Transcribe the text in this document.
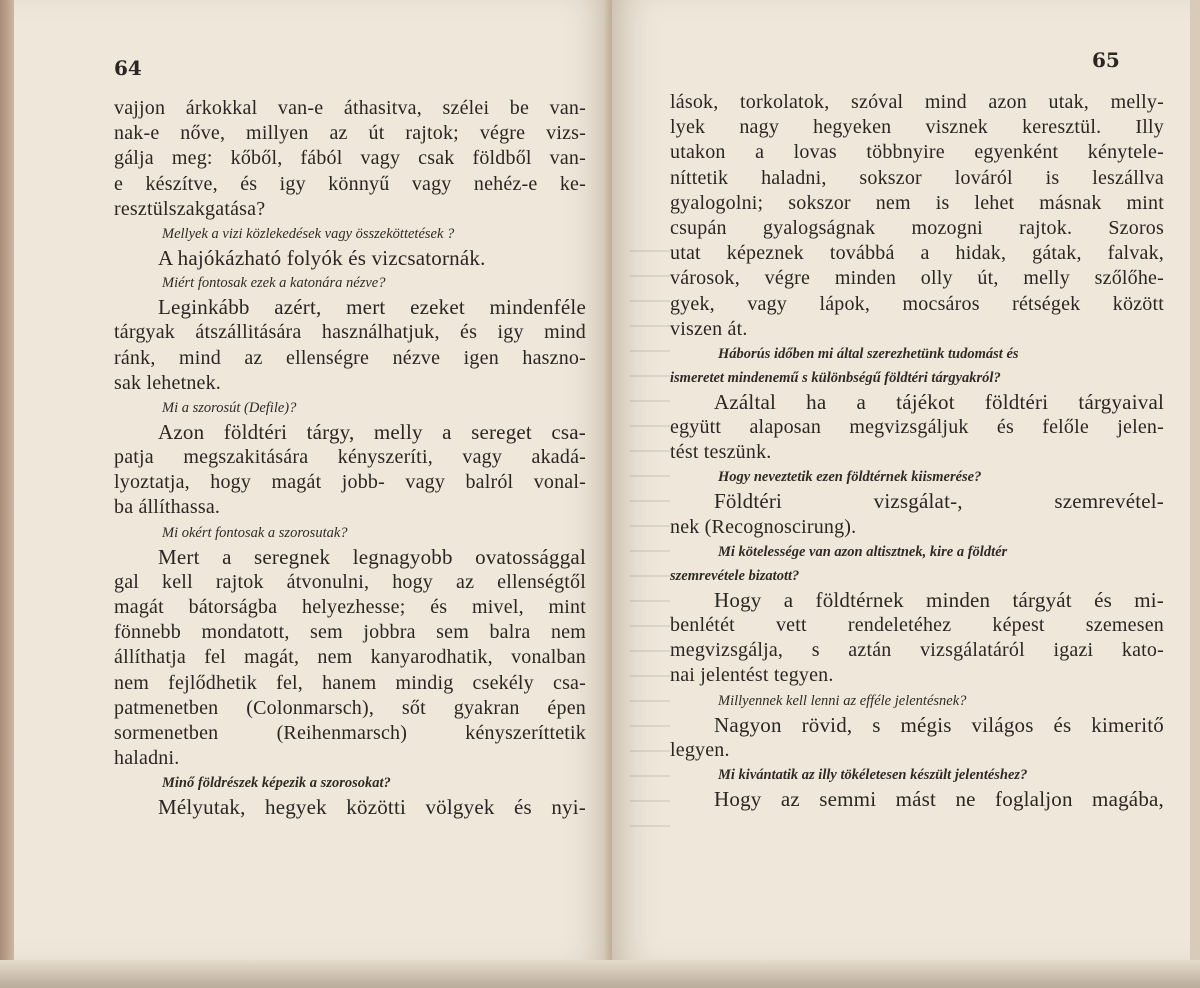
64
vajjon árkokkal van-e áthasitva, szélei be van-
nak-e nőve, millyen az út rajtok; végre vizs-
gálja meg: kőből, fából vagy csak földből van-
e készítve, és igy könnyű vagy nehéz-e ke-
resztülszakgatása?
Mellyek a vizi közlekedések vagy összeköttetések ?
A hajókázható folyók és vizcsatornák.
Miért fontosak ezek a katonára nézve?
Leginkább azért, mert ezeket mindenféle
tárgyak átszállitására használhatjuk, és igy mind
ránk, mind az ellenségre nézve igen haszno-
sak lehetnek.
Mi a szorosút (Defile)?
Azon földtéri tárgy, melly a sereget csa-
patja megszakitására kényszeríti, vagy akadá-
lyoztatja, hogy magát jobb- vagy balról vonal-
ba állíthassa.
Mi okért fontosak a szorosutak?
Mert a seregnek legnagyobb ovatossággal
gal kell rajtok átvonulni, hogy az ellenségtől
magát bátorságba helyezhesse; és mivel, mint
fönnebb mondatott, sem jobbra sem balra nem
állíthatja fel magát, nem kanyarodhatik, vonalban
nem fejlődhetik fel, hanem mindig csekély csa-
patmenetben (Colonmarsch), sőt gyakran épen
sormenetben (Reihenmarsch) kényszeríttetik
haladni.
Minő földrészek képezik a szorosokat?
Mélyutak, hegyek közötti völgyek és nyi-
65
lások, torkolatok, szóval mind azon utak, melly-
lyek nagy hegyeken visznek keresztül. Illy
utakon a lovas többnyire egyenként kénytele-
níttetik haladni, sokszor lováról is leszállva
gyalogolni; sokszor nem is lehet másnak mint
csupán gyalogságnak mozogni rajtok. Szoros
utat képeznek továbbá a hidak, gátak, falvak,
városok, végre minden olly út, melly szőlőhe-
gyek, vagy lápok, mocsáros rétségek között
viszen át.
Háborús időben mi által szerezhetünk tudomást és
ismeretet mindenemű s különbségű földtéri tárgyakról?
Azáltal ha a tájékot földtéri tárgyaival
együtt alaposan megvizsgáljuk és felőle jelen-
tést teszünk.
Hogy neveztetik ezen földtérnek kiismerése?
Földtéri vizsgálat-, szemrevétel-
nek (Recognoscirung).
Mi kötelessége van azon altisztnek, kire a földtér
szemrevétele bizatott?
Hogy a földtérnek minden tárgyát és mi-
benlétét vett rendeletéhez képest szemesen
megvizsgálja, s aztán vizsgálatáról igazi kato-
nai jelentést tegyen.
Millyennek kell lenni az efféle jelentésnek?
Nagyon rövid, s mégis világos és kimeritő
legyen.
Mi kivántatik az illy tökéletesen készült jelentéshez?
Hogy az semmi mást ne foglaljon magába,
